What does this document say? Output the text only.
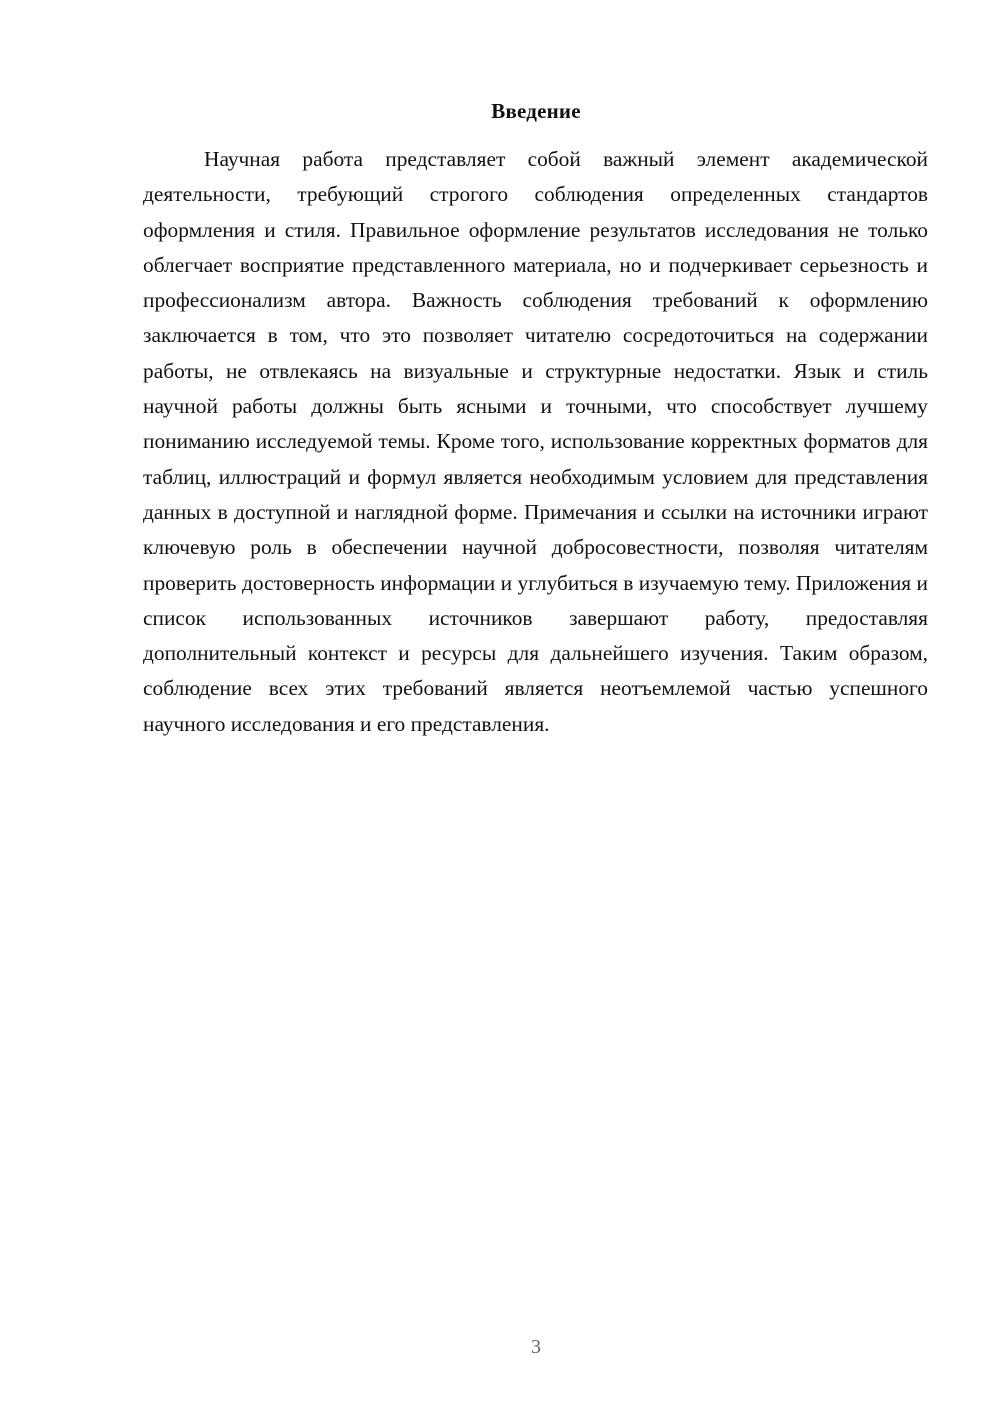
Введение

Научная работа представляет собой важный элемент академической деятельности, требующий строгого соблюдения определенных стандартов оформления и стиля. Правильное оформление результатов исследования не только облегчает восприятие представленного материала, но и подчеркивает серьезность и профессионализм автора. Важность соблюдения требований к оформлению заключается в том, что это позволяет читателю сосредоточиться на содержании работы, не отвлекаясь на визуальные и структурные недостатки. Язык и стиль научной работы должны быть ясными и точными, что способствует лучшему пониманию исследуемой темы. Кроме того, использование корректных форматов для таблиц, иллюстраций и формул является необходимым условием для представления данных в доступной и наглядной форме. Примечания и ссылки на источники играют ключевую роль в обеспечении научной добросовестности, позволяя читателям проверить достоверность информации и углубиться в изучаемую тему. Приложения и список использованных источников завершают работу, предоставляя дополнительный контекст и ресурсы для дальнейшего изучения. Таким образом, соблюдение всех этих требований является неотъемлемой частью успешного научного исследования и его представления.

3
